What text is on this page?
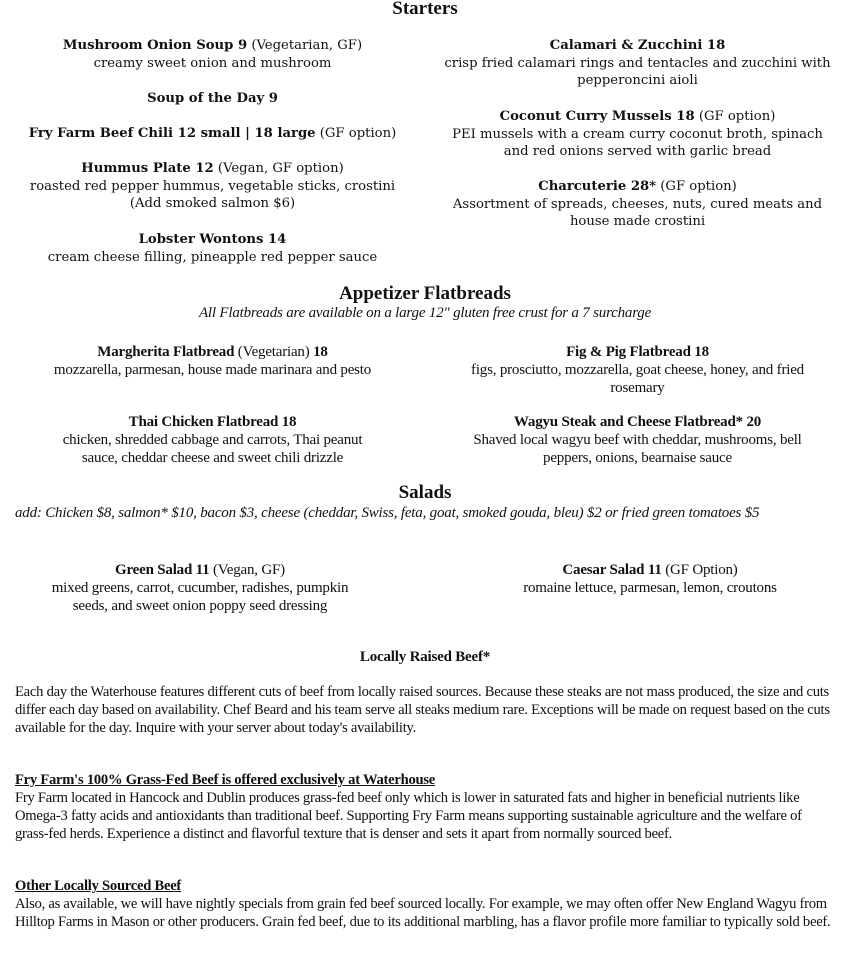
Starters
Mushroom Onion Soup 9 (Vegetarian, GF)
creamy sweet onion and mushroom
Soup of the Day 9
Fry Farm Beef Chili 12 small | 18 large (GF option)
Hummus Plate 12 (Vegan, GF option)
roasted red pepper hummus, vegetable sticks, crostini
(Add smoked salmon $6)
Lobster Wontons 14
cream cheese filling, pineapple red pepper sauce
Calamari & Zucchini 18
crisp fried calamari rings and tentacles and zucchini with
pepperoncini aioli
Coconut Curry Mussels 18 (GF option)
PEI mussels with a cream curry coconut broth, spinach
and red onions served with garlic bread
Charcuterie 28* (GF option)
Assortment of spreads, cheeses, nuts, cured meats and
house made crostini
Appetizer Flatbreads
All Flatbreads are available on a large 12" gluten free crust for a 7 surcharge
Margherita Flatbread (Vegetarian) 18
mozzarella, parmesan, house made marinara and pesto
Fig & Pig Flatbread 18
figs, prosciutto, mozzarella, goat cheese, honey, and fried
rosemary
Thai Chicken Flatbread 18
chicken, shredded cabbage and carrots, Thai peanut
sauce, cheddar cheese and sweet chili drizzle
Wagyu Steak and Cheese Flatbread* 20
Shaved local wagyu beef with cheddar, mushrooms, bell
peppers, onions, bearnaise sauce
Salads
add: Chicken $8, salmon* $10, bacon $3, cheese (cheddar, Swiss, feta, goat, smoked gouda, bleu) $2 or fried green tomatoes $5
Green Salad 11 (Vegan, GF)
mixed greens, carrot, cucumber, radishes, pumpkin
seeds, and sweet onion poppy seed dressing
Caesar Salad 11 (GF Option)
romaine lettuce, parmesan, lemon, croutons
Locally Raised Beef*
Each day the Waterhouse features different cuts of beef from locally raised sources. Because these steaks are not mass produced, the size and cuts differ each day based on availability. Chef Beard and his team serve all steaks medium rare. Exceptions will be made on request based on the cuts available for the day. Inquire with your server about today's availability.
Fry Farm's 100% Grass-Fed Beef is offered exclusively at Waterhouse
Fry Farm located in Hancock and Dublin produces grass-fed beef only which is lower in saturated fats and higher in beneficial nutrients like Omega-3 fatty acids and antioxidants than traditional beef. Supporting Fry Farm means supporting sustainable agriculture and the welfare of grass-fed herds. Experience a distinct and flavorful texture that is denser and sets it apart from normally sourced beef.
Other Locally Sourced Beef
Also, as available, we will have nightly specials from grain fed beef sourced locally. For example, we may often offer New England Wagyu from Hilltop Farms in Mason or other producers. Grain fed beef, due to its additional marbling, has a flavor profile more familiar to typically sold beef.
